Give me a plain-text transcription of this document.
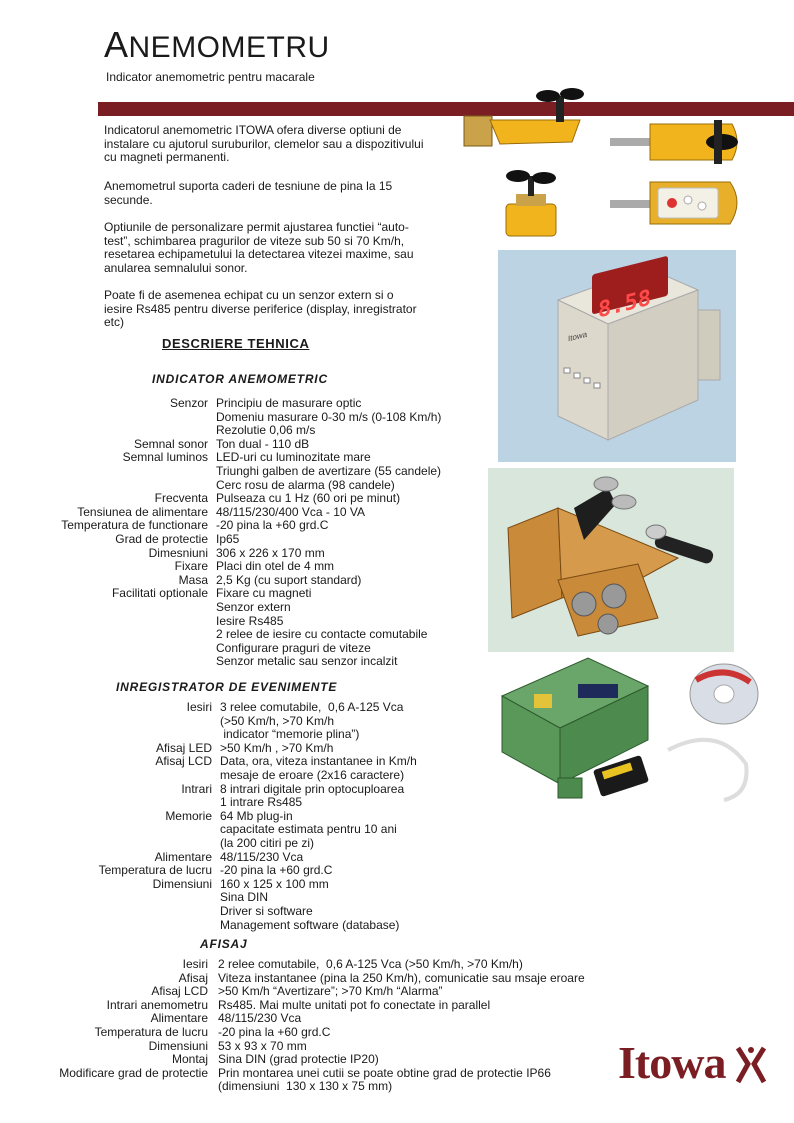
ANEMOMETRU
Indicator anemometric pentru macarale
Indicatorul anemometric ITOWA ofera diverse optiuni de instalare cu ajutorul suruburilor, clemelor sau a dispozitivului cu magneti permanenti.
Anemometrul suporta caderi de tesniune de pina la 15 secunde.
Optiunile de personalizare permit ajustarea functiei “auto-test”, schimbarea pragurilor de viteze sub 50 si 70 Km/h, resetarea echipametului la detectarea vitezei maxime, sau anularea semnalului sonor.
Poate fi de asemenea echipat cu un senzor extern si o iesire Rs485 pentru diverse periferice (display, inregistrator etc)
DESCRIERE TEHNICA
INDICATOR ANEMOMETRIC
Senzor Principiu de masurare optic
Domeniu masurare 0-30 m/s (0-108 Km/h)
Rezolutie 0,06 m/s
Semnal sonor Ton dual - 110 dB
Semnal luminos LED-uri cu luminozitate mare
Triunghi galben de avertizare (55 candele)
Cerc rosu de alarma (98 candele)
Frecventa Pulseaza cu 1 Hz (60 ori pe minut)
Tensiunea de alimentare 48/115/230/400 Vca - 10 VA
Temperatura de functionare -20 pina la +60 grd.C
Grad de protectie Ip65
Dimesniuni 306 x 226 x 170 mm
Fixare Placi din otel de 4 mm
Masa 2,5 Kg (cu suport standard)
Facilitati optionale Fixare cu magneti
Senzor extern
Iesire Rs485
2 relee de iesire cu contacte comutabile
Configurare praguri de viteze
Senzor metalic sau senzor incalzit
INREGISTRATOR DE EVENIMENTE
Iesiri 3 relee comutabile,  0,6 A-125 Vca
(>50 Km/h, >70 Km/h
indicator “memorie plina”)
Afisaj LED >50 Km/h , >70 Km/h
Afisaj LCD Data, ora, viteza instantanee in Km/h
mesaje de eroare (2x16 caractere)
Intrari 8 intrari digitale prin optocuploarea
1 intrare Rs485
Memorie 64 Mb plug-in
capacitate estimata pentru 10 ani
(la 200 citiri pe zi)
Alimentare 48/115/230 Vca
Temperatura de lucru -20 pina la +60 grd.C
Dimensiuni 160 x 125 x 100 mm
Sina DIN
Driver si software
Management software (database)
AFISAJ
Iesiri 2 relee comutabile,  0,6 A-125 Vca (>50 Km/h, >70 Km/h)
Afisaj Viteza instantanee (pina la 250 Km/h), comunicatie sau msaje eroare
Afisaj LCD >50 Km/h “Avertizare”; >70 Km/h “Alarma”
Intrari anemometru Rs485. Mai multe unitati pot fo conectate in parallel
Alimentare 48/115/230 Vca
Temperatura de lucru -20 pina la +60 grd.C
Dimensiuni 53 x 93 x 70 mm
Montaj Sina DIN (grad protectie IP20)
Modificare grad de protectie Prin montarea unei cutii se poate obtine grad de protectie IP66
(dimensiuni  130 x 130 x 75 mm)
8.58
Itowa
Itowa
